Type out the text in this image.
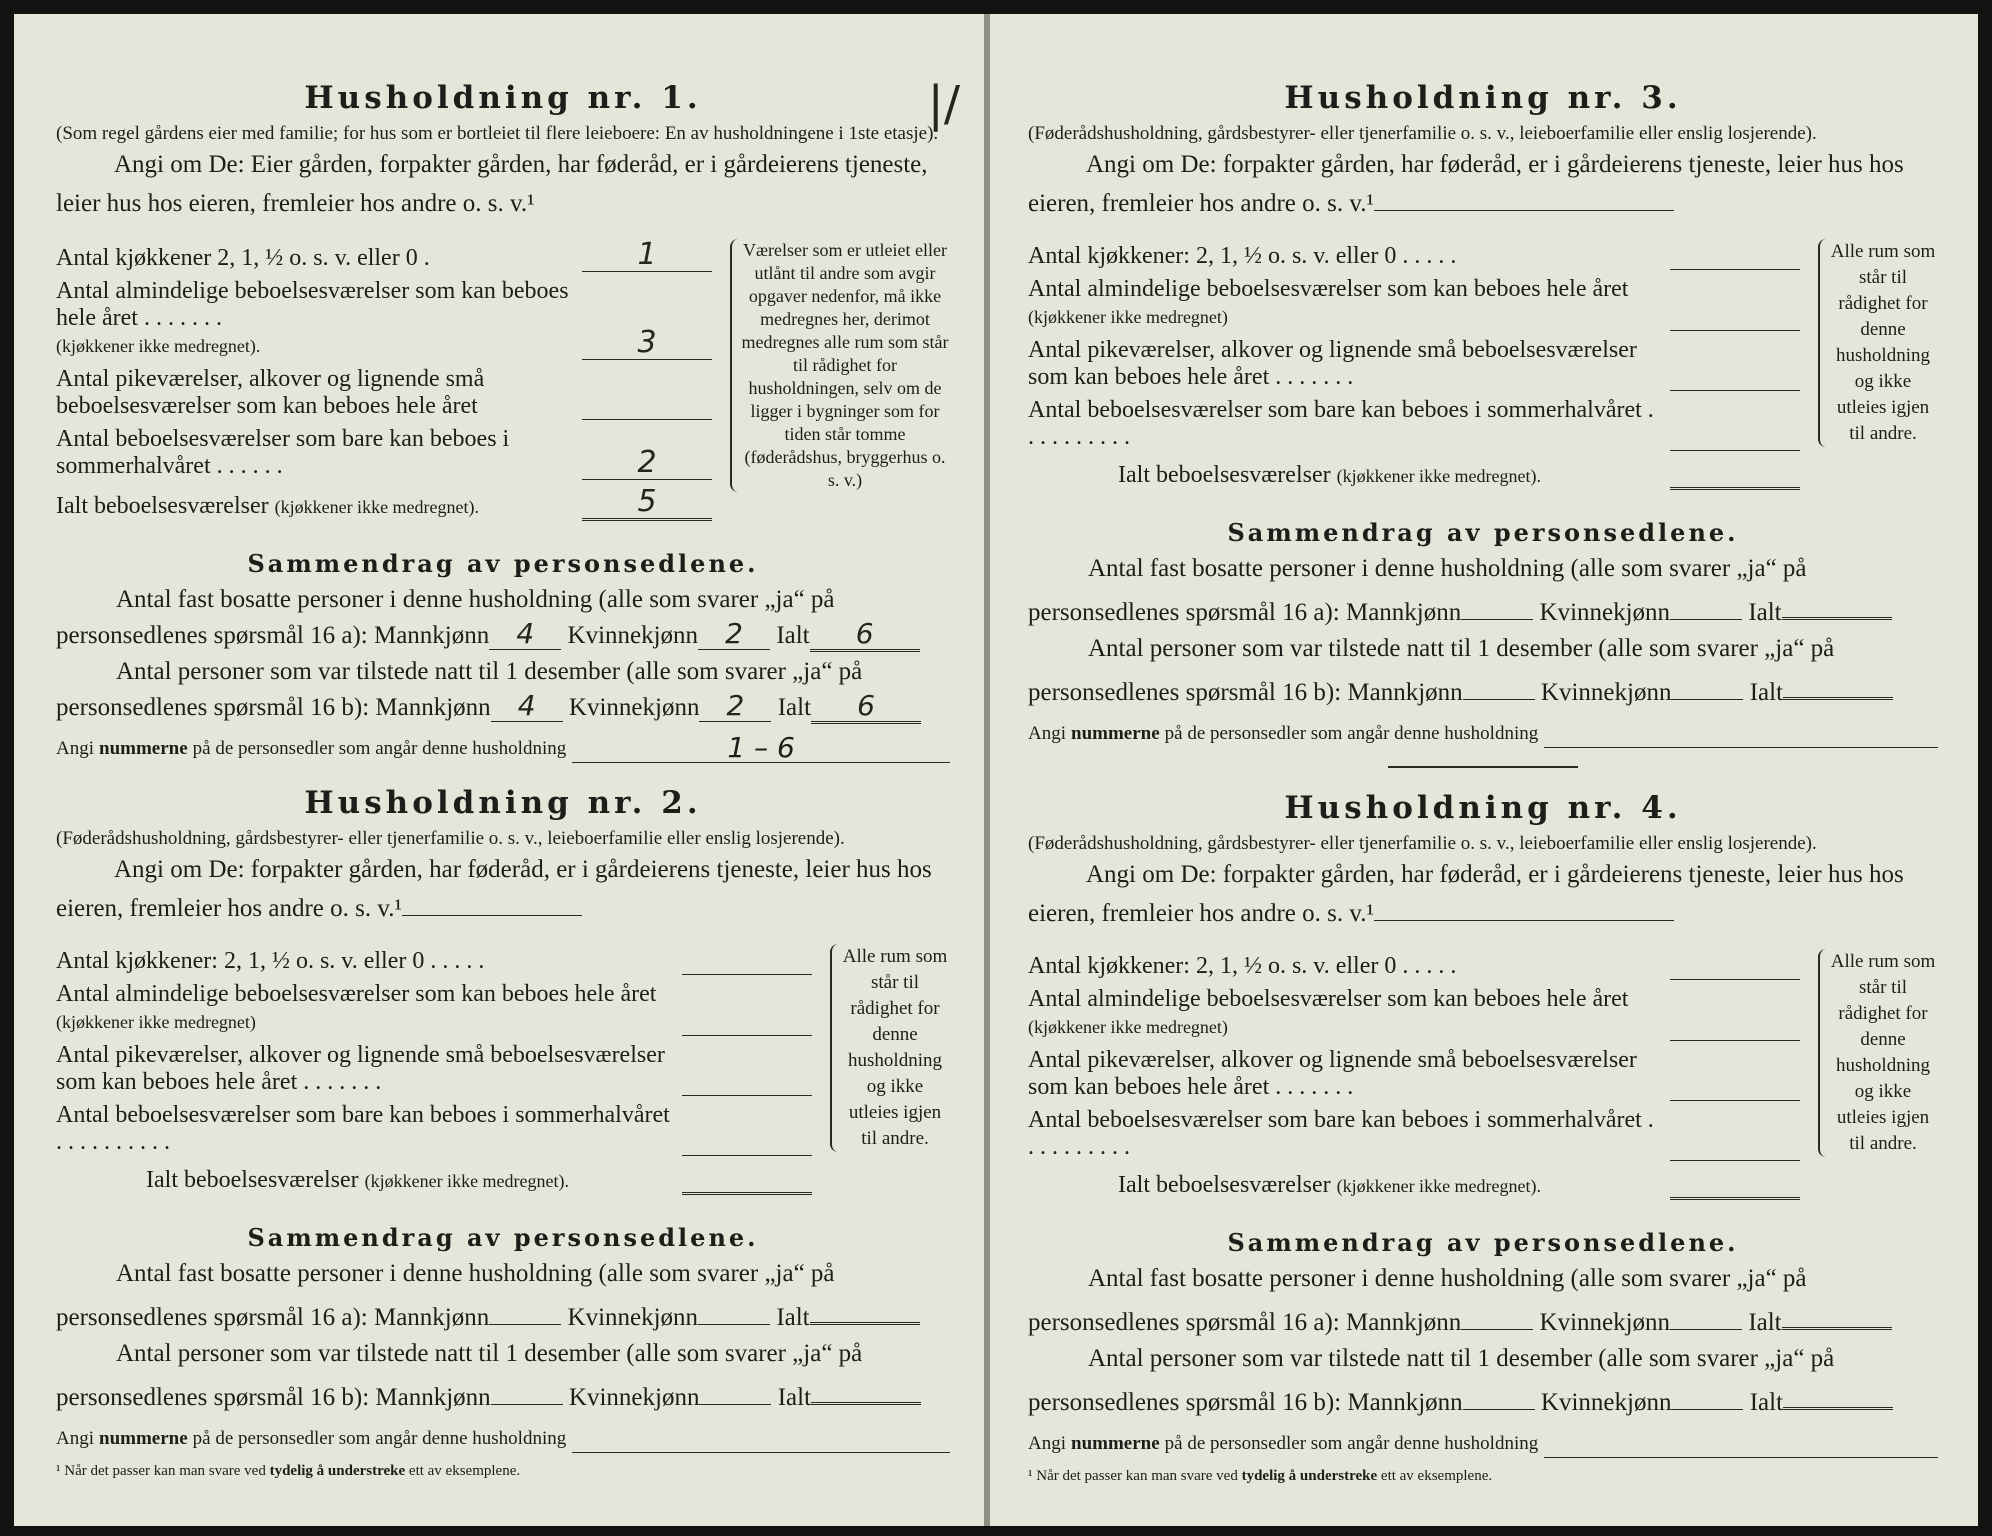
|/
Husholdning nr. 1.

(Som regel gårdens eier med familie; for hus som er bortleiet til flere leieboere: En av husholdningene i 1ste etasje).

Angi om De: Eier gården, forpakter gården, har føderåd, er i gårdeierens tjeneste, leier hus hos eieren, fremleier hos andre o. s. v.¹

Antal kjøkkener 2, 1, ½ o. s. v. eller 0 .	1
Antal almindelige beboelsesværelser som kan beboes hele året . . . . . . .
(kjøkkener ikke medregnet).	3
Antal pikeværelser, alkover og lignende små beboelsesværelser som kan beboes hele året
Antal beboelsesværelser som bare kan beboes i sommerhalvåret . . . . . .	2
Ialt beboelsesværelser (kjøkkener ikke medregnet).	5
Værelser som er utleiet eller utlånt til andre som avgir opgaver nedenfor, må ikke medregnes her, derimot medregnes alle rum som står til rådighet for husholdningen, selv om de ligger i bygninger som for tiden står tomme (føderådshus, bryggerhus o. s. v.)
Sammendrag av personsedlene.

Antal fast bosatte personer i denne husholdning (alle som svarer „ja“ på

personsedlenes spørsmål 16 a): Mannkjønn 4 Kvinnekjønn 2 Ialt 6

Antal personer som var tilstede natt til 1 desember (alle som svarer „ja“ på

personsedlenes spørsmål 16 b): Mannkjønn 4 Kvinnekjønn 2 Ialt 6

Angi nummerne på de personsedler som angår denne husholdning	1 – 6

Husholdning nr. 2.

(Føderådshusholdning, gårdsbestyrer- eller tjenerfamilie o. s. v., leieboerfamilie eller enslig losjerende).

Angi om De: forpakter gården, har føderåd, er i gårdeierens tjeneste, leier hus hos eieren, fremleier hos andre o. s. v.¹

Antal kjøkkener: 2, 1, ½ o. s. v. eller 0 . . . . .
Antal almindelige beboelsesværelser som kan beboes hele året (kjøkkener ikke medregnet)
Antal pikeværelser, alkover og lignende små beboelsesværelser som kan beboes hele året . . . . . . .
Antal beboelsesværelser som bare kan beboes i sommerhalvåret . . . . . . . . . .
Ialt beboelsesværelser (kjøkkener ikke medregnet).
Alle rum som står til rådighet for denne husholdning og ikke utleies igjen til andre.
Sammendrag av personsedlene.

Antal fast bosatte personer i denne husholdning (alle som svarer „ja“ på

personsedlenes spørsmål 16 a): Mannkjønn	Kvinnekjønn	Ialt

Antal personer som var tilstede natt til 1 desember (alle som svarer „ja“ på

personsedlenes spørsmål 16 b): Mannkjønn	Kvinnekjønn	Ialt

Angi nummerne på de personsedler som angår denne husholdning

¹ Når det passer kan man svare ved tydelig å understreke ett av eksemplene.
Husholdning nr. 3.

(Føderådshusholdning, gårdsbestyrer- eller tjenerfamilie o. s. v., leieboerfamilie eller enslig losjerende).

Angi om De: forpakter gården, har føderåd, er i gårdeierens tjeneste, leier hus hos eieren, fremleier hos andre o. s. v.¹

Antal kjøkkener: 2, 1, ½ o. s. v. eller 0 . . . . .
Antal almindelige beboelsesværelser som kan beboes hele året (kjøkkener ikke medregnet)
Antal pikeværelser, alkover og lignende små beboelsesværelser som kan beboes hele året . . . . . . .
Antal beboelsesværelser som bare kan beboes i sommerhalvåret . . . . . . . . . .
Ialt beboelsesværelser (kjøkkener ikke medregnet).
Alle rum som står til rådighet for denne husholdning og ikke utleies igjen til andre.
Sammendrag av personsedlene.

Antal fast bosatte personer i denne husholdning (alle som svarer „ja“ på

personsedlenes spørsmål 16 a): Mannkjønn	Kvinnekjønn	Ialt

Antal personer som var tilstede natt til 1 desember (alle som svarer „ja“ på

personsedlenes spørsmål 16 b): Mannkjønn	Kvinnekjønn	Ialt

Angi nummerne på de personsedler som angår denne husholdning

Husholdning nr. 4.

(Føderådshusholdning, gårdsbestyrer- eller tjenerfamilie o. s. v., leieboerfamilie eller enslig losjerende).

Angi om De: forpakter gården, har føderåd, er i gårdeierens tjeneste, leier hus hos eieren, fremleier hos andre o. s. v.¹

Antal kjøkkener: 2, 1, ½ o. s. v. eller 0 . . . . .
Antal almindelige beboelsesværelser som kan beboes hele året (kjøkkener ikke medregnet)
Antal pikeværelser, alkover og lignende små beboelsesværelser som kan beboes hele året . . . . . . .
Antal beboelsesværelser som bare kan beboes i sommerhalvåret . . . . . . . . . .
Ialt beboelsesværelser (kjøkkener ikke medregnet).
Alle rum som står til rådighet for denne husholdning og ikke utleies igjen til andre.
Sammendrag av personsedlene.

Antal fast bosatte personer i denne husholdning (alle som svarer „ja“ på

personsedlenes spørsmål 16 a): Mannkjønn	Kvinnekjønn	Ialt

Antal personer som var tilstede natt til 1 desember (alle som svarer „ja“ på

personsedlenes spørsmål 16 b): Mannkjønn	Kvinnekjønn	Ialt

Angi nummerne på de personsedler som angår denne husholdning

¹ Når det passer kan man svare ved tydelig å understreke ett av eksemplene.
